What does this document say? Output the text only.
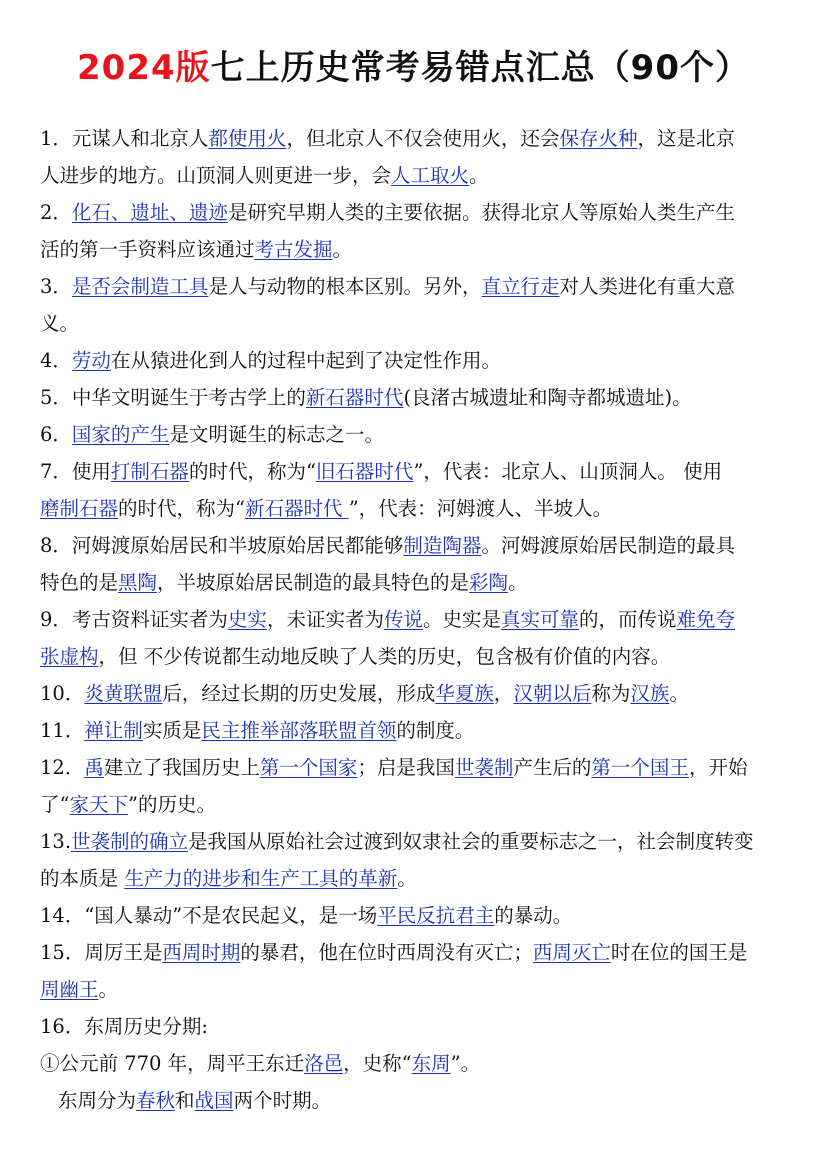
2024版七上历史常考易错点汇总（90个）
1．元谋人和北京人都使用火，但北京人不仅会使用火，还会保存火种，这是北京
人进步的地方。山顶洞人则更进一步，会人工取火。
2．化石、遗址、遗迹是研究早期人类的主要依据。获得北京人等原始人类生产生
活的第一手资料应该通过考古发掘。
3．是否会制造工具是人与动物的根本区别。另外，直立行走对人类进化有重大意
义。
4．劳动在从猿进化到人的过程中起到了决定性作用。
5．中华文明诞生于考古学上的新石器时代(良渚古城遗址和陶寺都城遗址)。
6．国家的产生是文明诞生的标志之一。
7．使用打制石器的时代，称为“旧石器时代”，代表：北京人、山顶洞人。 使用
磨制石器的时代，称为“新石器时代 ”，代表：河姆渡人、半坡人。
8．河姆渡原始居民和半坡原始居民都能够制造陶器。河姆渡原始居民制造的最具
特色的是黑陶，半坡原始居民制造的最具特色的是彩陶。
9．考古资料证实者为史实，未证实者为传说。史实是真实可靠的，而传说难免夸
张虚构，但 不少传说都生动地反映了人类的历史，包含极有价值的内容。
10．炎黄联盟后，经过长期的历史发展，形成华夏族，汉朝以后称为汉族。
11．禅让制实质是民主推举部落联盟首领的制度。
12．禹建立了我国历史上第一个国家；启是我国世袭制产生后的第一个国王，开始
了“家天下”的历史。
13.世袭制的确立是我国从原始社会过渡到奴隶社会的重要标志之一，社会制度转变
的本质是 生产力的进步和生产工具的革新。
14．“国人暴动”不是农民起义，是一场平民反抗君主的暴动。
15．周厉王是西周时期的暴君，他在位时西周没有灭亡；西周灭亡时在位的国王是
周幽王。
16．东周历史分期:
①公元前 770 年，周平王东迁洛邑，史称“东周”。
东周分为春秋和战国两个时期。
